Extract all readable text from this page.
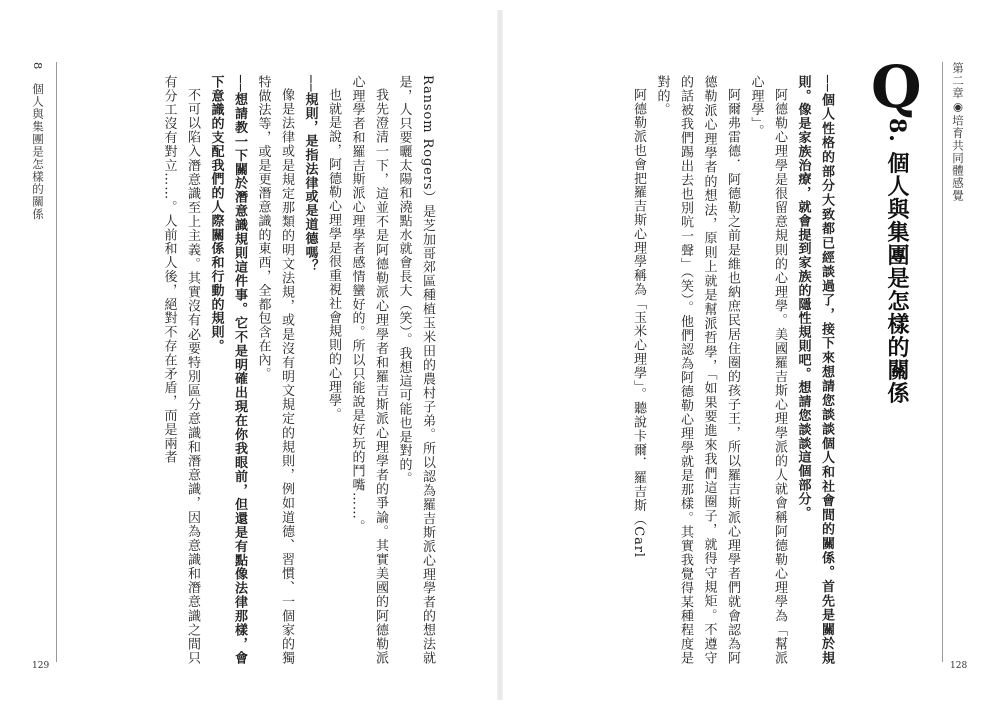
第二章◉培育共同體感覺
128
Q
8. 個人與集團是怎樣的關係

──個人性格的部分大致都已經談過了，接下來想請您談談個人和社會間的關係。首先是關於規則。像是家族治療，就會提到家族的隱性規則吧。想請您談談這個部分。

阿德勒心理學是很留意規則的心理學。美國羅吉斯心理學派的人就會稱阿德勒心理學為「幫派心理學」。

阿爾弗雷德．阿德勒之前是維也納庶民居住圈的孩子王，所以羅吉斯派心理學者們就會認為阿德勒派心理學者的想法，原則上就是幫派哲學，「如果要進來我們這圈子，就得守規矩。不遵守的話被我們踢出去也別吭一聲」（笑）。他們認為阿德勒心理學就是那樣。其實我覺得某種程度是對的。

阿德勒派也會把羅吉斯心理學稱為「玉米心理學」。聽說卡爾．羅吉斯（Carl

8　個人與集團是怎樣的關係
129

Ransom Rogers）是芝加哥郊區種植玉米田的農村子弟。所以認為羅吉斯派心理學者的想法就是，人只要曬太陽和澆點水就會長大（笑）。我想這可能也是對的。

我先澄清一下，這並不是阿德勒派心理學者和羅吉斯派心理學者的爭論。其實美國的阿德勒派心理學者和羅吉斯派心理學者感情蠻好的。所以只能說是好玩的鬥嘴……。

也就是說，阿德勒心理學是很重視社會規則的心理學。

──規則，是指法律或是道德嗎？

像是法律或是規定那類的明文法規，或是沒有明文規定的規則，例如道德、習慣、一個家的獨特做法等，或是更潛意識的東西，全都包含在內。

──想請教一下關於潛意識規則這件事。它不是明確出現在你我眼前，但還是有點像法律那樣，會下意識的支配我們的人際關係和行動的規則。

不可以陷入潛意識至上主義。其實沒有必要特別區分意識和潛意識，因為意識和潛意識之間只有分工沒有對立……。人前和人後，絕對不存在矛盾，而是兩者
